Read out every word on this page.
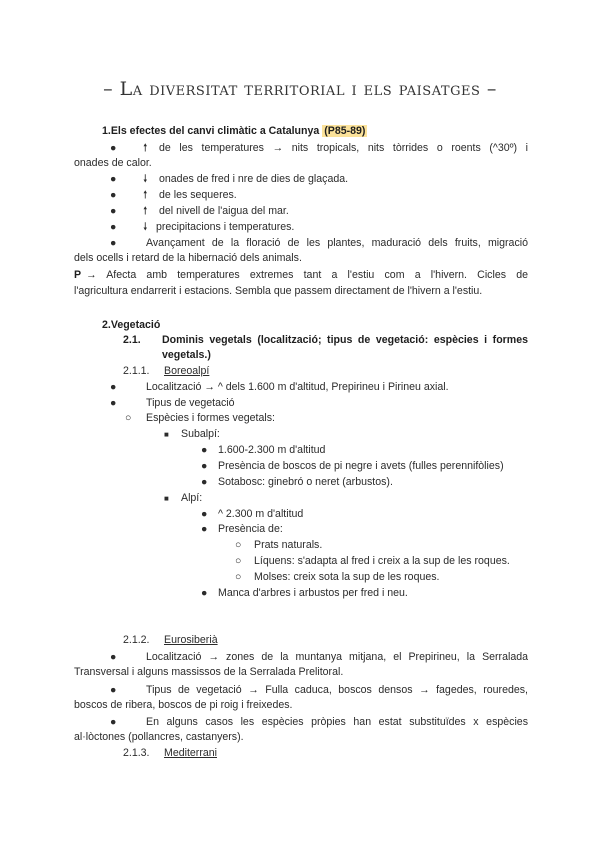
– La diversitat territorial i els paisatges –
1.Els efectes del canvi climàtic a Catalunya (P85-89)
●	🠕 de les temperatures → nits tropicals, nits tòrrides o roents (^30º) i
onades de calor.
●	🠗 onades de fred i nre de dies de glaçada.
●	🠕 de les sequeres.
●	🠕 del nivell de l'aigua del mar.
●	🠗 precipitacions i temperatures.
●	Avançament de la floració de les plantes, maduració dels fruits, migració
dels ocells i retard de la hibernació dels animals.
P → Afecta amb temperatures extremes tant a l'estiu com a l'hivern. Cicles de
l'agricultura endarrerit i estacions. Sembla que passem directament de l'hivern a l'estiu.
2.Vegetació
2.1. Dominis vegetals (localització; tipus de vegetació: espècies i formes
vegetals.)
2.1.1. Boreoalpí
●	Localització → ^ dels 1.600 m d'altitud, Prepirineu i Pirineu axial.
●	Tipus de vegetació
○ Espècies i formes vegetals:
■ Subalpí:
● 1.600-2.300 m d'altitud
● Presència de boscos de pi negre i avets (fulles perennifòlies)
● Sotabosc: ginebró o neret (arbustos).
■ Alpí:
● ^ 2.300 m d'altitud
● Presència de:
○ Prats naturals.
○ Líquens: s'adapta al fred i creix a la sup de les roques.
○ Molses: creix sota la sup de les roques.
● Manca d'arbres i arbustos per fred i neu.
2.1.2. Eurosiberià
●	Localització → zones de la muntanya mitjana, el Prepirineu, la Serralada
Transversal i alguns massissos de la Serralada Prelitoral.
●	Tipus de vegetació → Fulla caduca, boscos densos → fagedes, rouredes,
boscos de ribera, boscos de pi roig i freixedes.
●	En alguns casos les espècies pròpies han estat substituïdes x espècies
al·lòctones (pollancres, castanyers).
2.1.3. Mediterrani
